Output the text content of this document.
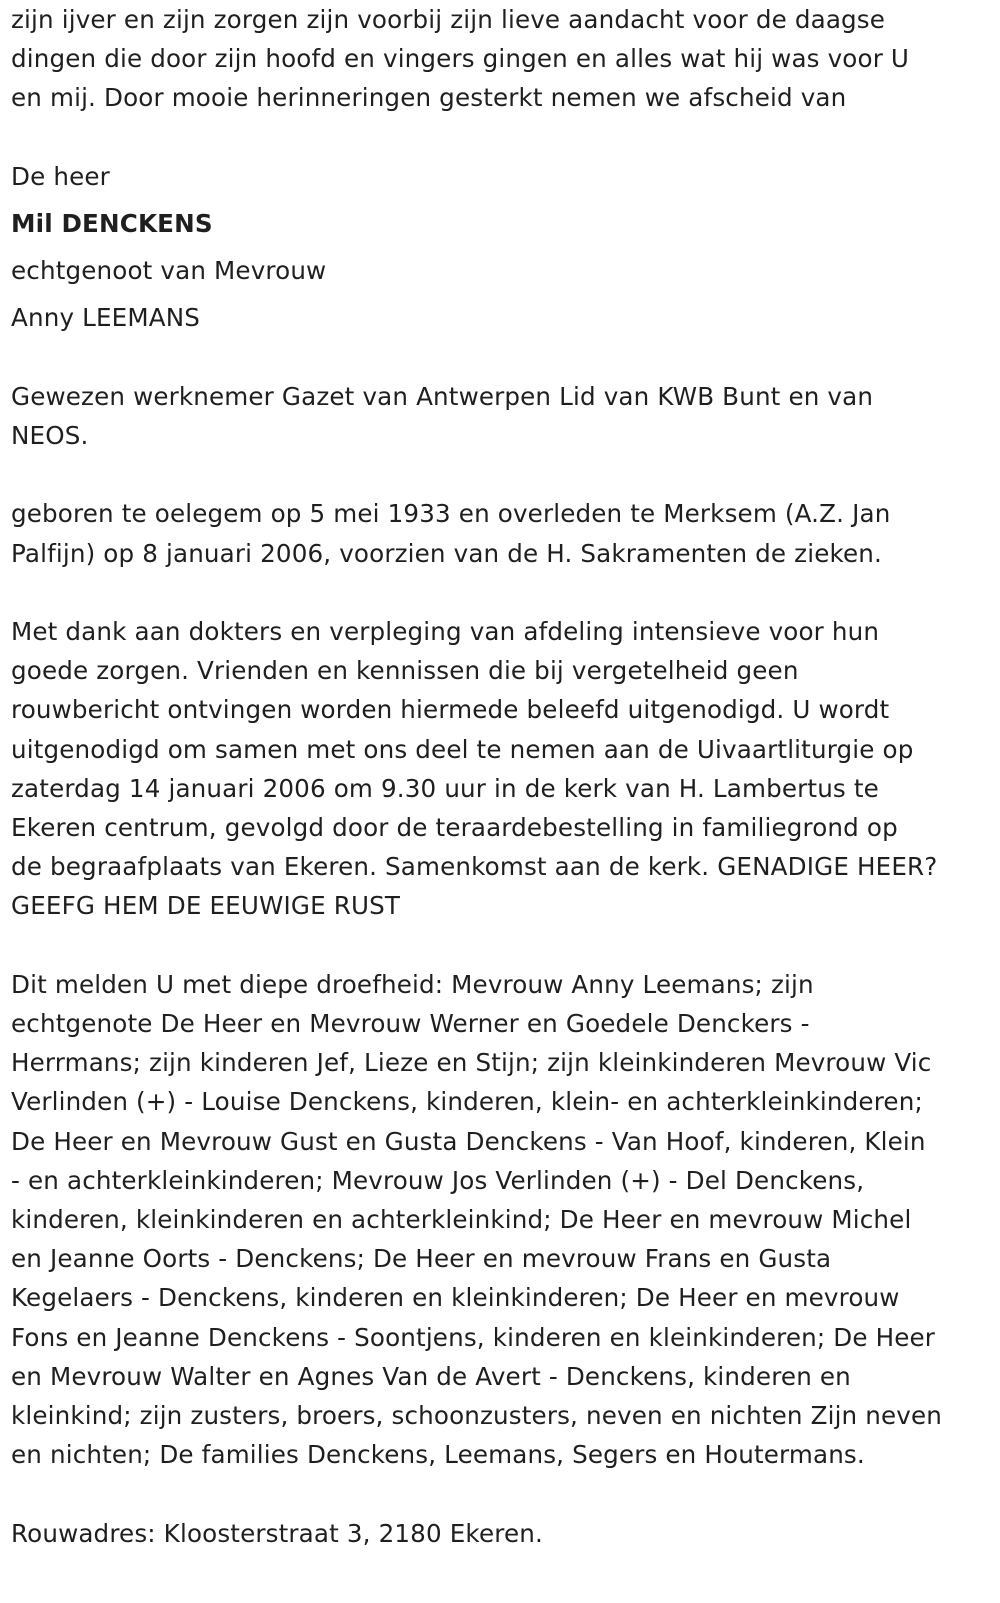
zijn ijver en zijn zorgen zijn voorbij zijn lieve aandacht voor de daagse
dingen die door zijn hoofd en vingers gingen en alles wat hij was voor U
en mij. Door mooie herinneringen gesterkt nemen we afscheid van
De heer
Mil DENCKENS
echtgenoot van Mevrouw
Anny LEEMANS
Gewezen werknemer Gazet van Antwerpen Lid van KWB Bunt en van
NEOS.
geboren te oelegem op 5 mei 1933 en overleden te Merksem (A.Z. Jan
Palfijn) op 8 januari 2006, voorzien van de H. Sakramenten de zieken.
Met dank aan dokters en verpleging van afdeling intensieve voor hun
goede zorgen. Vrienden en kennissen die bij vergetelheid geen
rouwbericht ontvingen worden hiermede beleefd uitgenodigd. U wordt
uitgenodigd om samen met ons deel te nemen aan de Uivaartliturgie op
zaterdag 14 januari 2006 om 9.30 uur in de kerk van H. Lambertus te
Ekeren centrum, gevolgd door de teraardebestelling in familiegrond op
de begraafplaats van Ekeren. Samenkomst aan de kerk. GENADIGE HEER?
GEEFG HEM DE EEUWIGE RUST
Dit melden U met diepe droefheid: Mevrouw Anny Leemans; zijn
echtgenote De Heer en Mevrouw Werner en Goedele Denckers -
Herrmans; zijn kinderen Jef, Lieze en Stijn; zijn kleinkinderen Mevrouw Vic
Verlinden (+) - Louise Denckens, kinderen, klein- en achterkleinkinderen;
De Heer en Mevrouw Gust en Gusta Denckens - Van Hoof, kinderen, Klein
- en achterkleinkinderen; Mevrouw Jos Verlinden (+) - Del Denckens,
kinderen, kleinkinderen en achterkleinkind; De Heer en mevrouw Michel
en Jeanne Oorts - Denckens; De Heer en mevrouw Frans en Gusta
Kegelaers - Denckens, kinderen en kleinkinderen; De Heer en mevrouw
Fons en Jeanne Denckens - Soontjens, kinderen en kleinkinderen; De Heer
en Mevrouw Walter en Agnes Van de Avert - Denckens, kinderen en
kleinkind; zijn zusters, broers, schoonzusters, neven en nichten Zijn neven
en nichten; De families Denckens, Leemans, Segers en Houtermans.
Rouwadres: Kloosterstraat 3, 2180 Ekeren.
